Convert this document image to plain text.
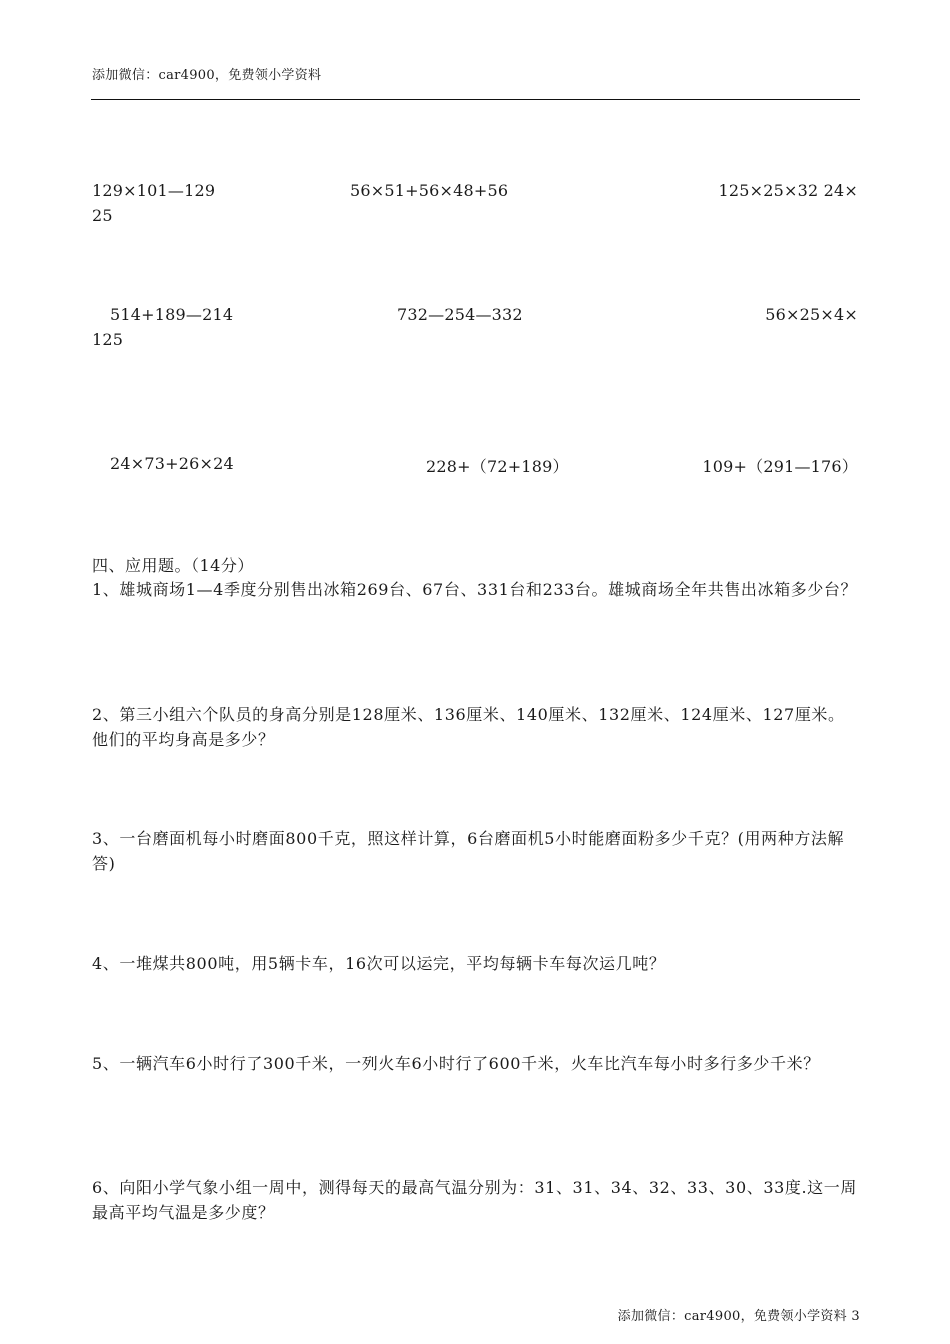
添加微信：car4900，免费领小学资料
129×101—129	56×51+56×48+56	125×25×32 24×
25
514+189—214	732—254—332	56×25×4×
125
24×73+26×24	228+（72+189）	109+（291—176）
四、应用题。（14分）
1、雄城商场1—4季度分别售出冰箱269台、67台、331台和233台。雄城商场全年共售出冰箱多少台？
2、第三小组六个队员的身高分别是128厘米、136厘米、140厘米、132厘米、124厘米、127厘米。他们的平均身高是多少？
3、一台磨面机每小时磨面800千克，照这样计算，6台磨面机5小时能磨面粉多少千克？(用两种方法解答)
4、一堆煤共800吨，用5辆卡车，16次可以运完，平均每辆卡车每次运几吨？
5、一辆汽车6小时行了300千米，一列火车6小时行了600千米，火车比汽车每小时多行多少千米？
6、向阳小学气象小组一周中，测得每天的最高气温分别为：31、31、34、32、33、30、33度.这一周最高平均气温是多少度？
添加微信：car4900，免费领小学资料 3
